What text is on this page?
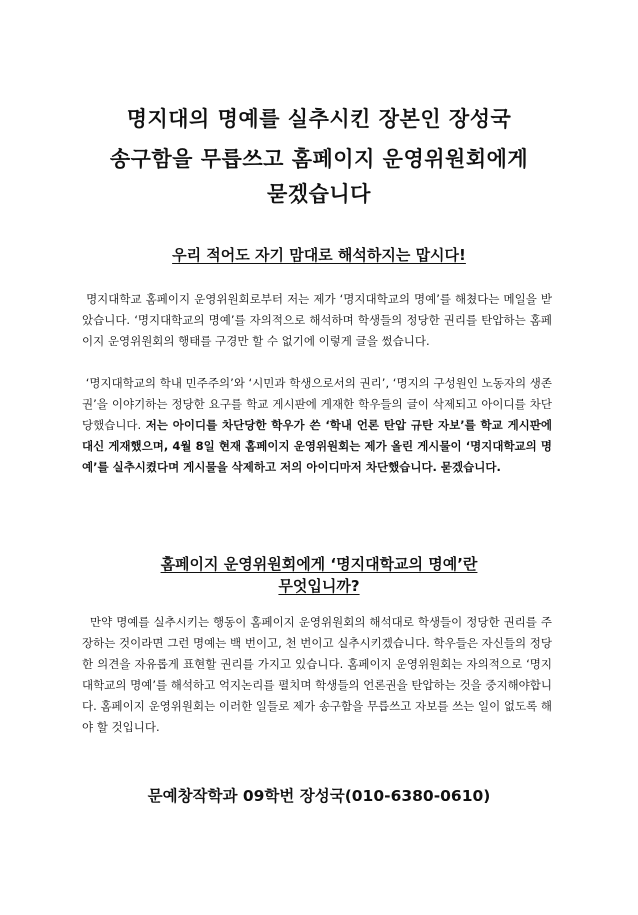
명지대의 명예를 실추시킨 장본인 장성국
송구함을 무릅쓰고 홈페이지 운영위원회에게
묻겠습니다
우리 적어도 자기 맘대로 해석하지는 맙시다!

명지대학교 홈페이지 운영위원회로부터 저는 제가 ‘명지대학교의 명예’를 해쳤다는 메일을 받았습니다. ‘명지대학교의 명예’를 자의적으로 해석하며 학생들의 정당한 권리를 탄압하는 홈페이지 운영위원회의 행태를 구경만 할 수 없기에 이렇게 글을 썼습니다.

‘명지대학교의 학내 민주주의’와 ‘시민과 학생으로서의 권리’, ‘명지의 구성원인 노동자의 생존권’을 이야기하는 정당한 요구를 학교 게시판에 게재한 학우들의 글이 삭제되고 아이디를 차단당했습니다. 저는 아이디를 차단당한 학우가 쓴 ‘학내 언론 탄압 규탄 자보’를 학교 게시판에 대신 게재했으며, 4월 8일 현재 홈페이지 운영위원회는 제가 올린 게시물이 ‘명지대학교의 명예’를 실추시켰다며 게시물을 삭제하고 저의 아이디마저 차단했습니다. 묻겠습니다.

홈페이지 운영위원회에게 ‘명지대학교의 명예’란
무엇입니까?

만약 명예를 실추시키는 행동이 홈페이지 운영위원회의 해석대로 학생들이 정당한 권리를 주장하는 것이라면 그런 명예는 백 번이고, 천 번이고 실추시키겠습니다. 학우들은 자신들의 정당한 의견을 자유롭게 표현할 권리를 가지고 있습니다. 홈페이지 운영위원회는 자의적으로 ‘명지대학교의 명예’를 해석하고 억지논리를 펼치며 학생들의 언론권을 탄압하는 것을 중지해야합니다. 홈페이지 운영위원회는 이러한 일들로 제가 송구함을 무릅쓰고 자보를 쓰는 일이 없도록 해야 할 것입니다.

문예창작학과 09학번 장성국(010-6380-0610)
